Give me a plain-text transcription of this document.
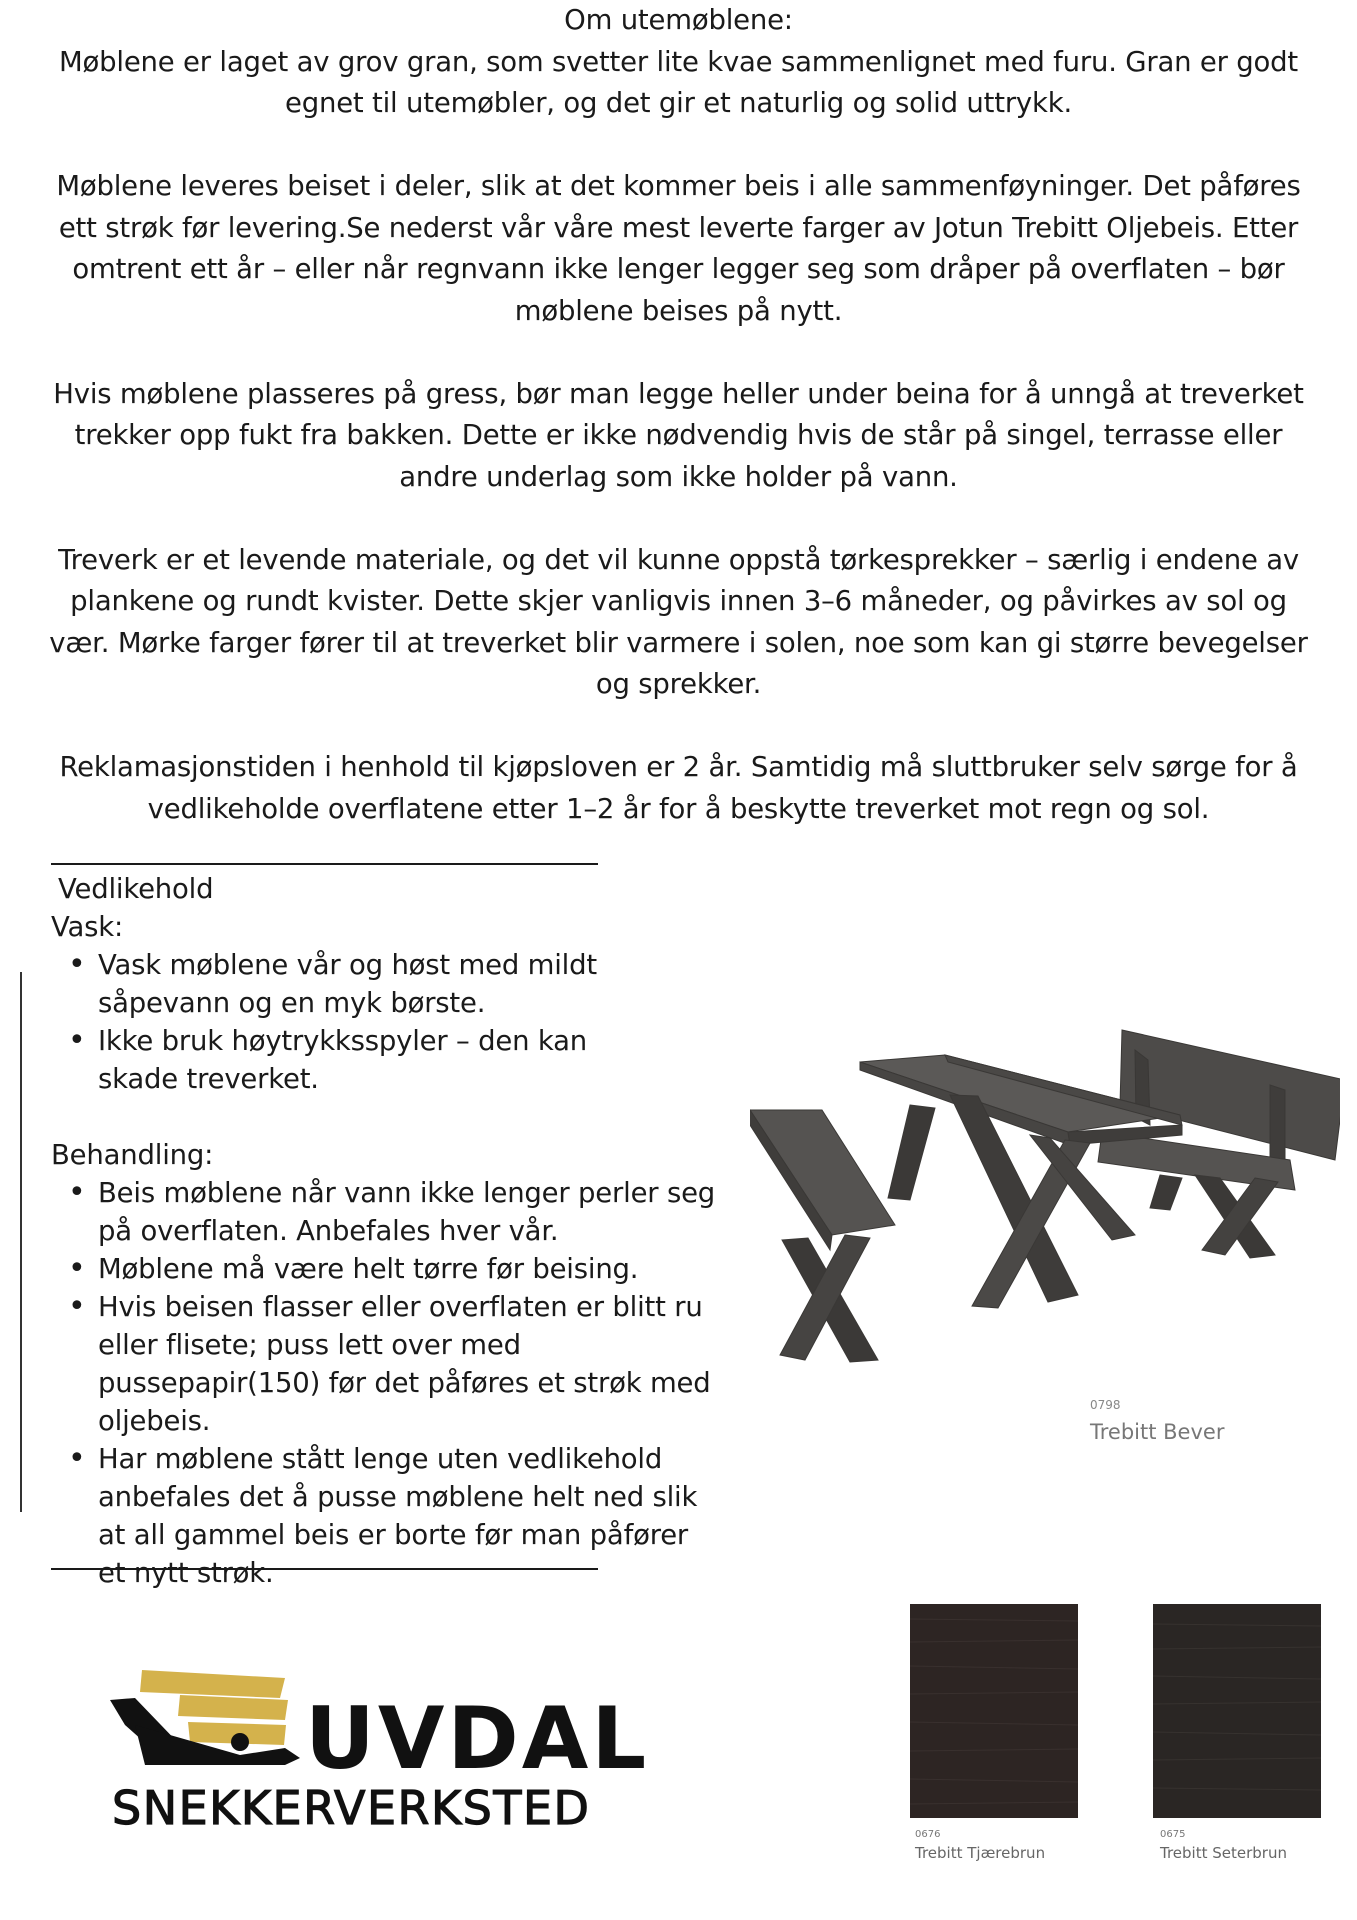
Om utemøblene:

Møblene er laget av grov gran, som svetter lite kvae sammenlignet med furu. Gran er godt egnet til utemøbler, og det gir et naturlig og solid uttrykk.

Møblene leveres beiset i deler, slik at det kommer beis i alle sammenføyninger. Det påføres ett strøk før levering.Se nederst vår våre mest leverte farger av Jotun Trebitt Oljebeis. Etter omtrent ett år – eller når regnvann ikke lenger legger seg som dråper på overflaten – bør møblene beises på nytt.

Hvis møblene plasseres på gress, bør man legge heller under beina for å unngå at treverket trekker opp fukt fra bakken. Dette er ikke nødvendig hvis de står på singel, terrasse eller andre underlag som ikke holder på vann.

Treverk er et levende materiale, og det vil kunne oppstå tørkesprekker – særlig i endene av plankene og rundt kvister. Dette skjer vanligvis innen 3–6 måneder, og påvirkes av sol og vær. Mørke farger fører til at treverket blir varmere i solen, noe som kan gi større bevegelser og sprekker.

Reklamasjonstiden i henhold til kjøpsloven er 2 år. Samtidig må sluttbruker selv sørge for å vedlikeholde overflatene etter 1–2 år for å beskytte treverket mot regn og sol.

Vedlikehold
Vask:
• Vask møblene vår og høst med mildt såpevann og en myk børste.
• Ikke bruk høytrykksspyler – den kan skade treverket.
Behandling:
• Beis møblene når vann ikke lenger perler seg på overflaten. Anbefales hver vår.
• Møblene må være helt tørre før beising.
• Hvis beisen flasser eller overflaten er blitt ru eller flisete; puss lett over med pussepapir(150) før det påføres et strøk med oljebeis.
• Har møblene stått lenge uten vedlikehold anbefales det å pusse møblene helt ned slik at all gammel beis er borte før man påfører et nytt strøk.
0798
Trebitt Bever
0676
Trebitt Tjærebrun
0675
Trebitt Seterbrun
UVDAL
SNEKKERVERKSTED
